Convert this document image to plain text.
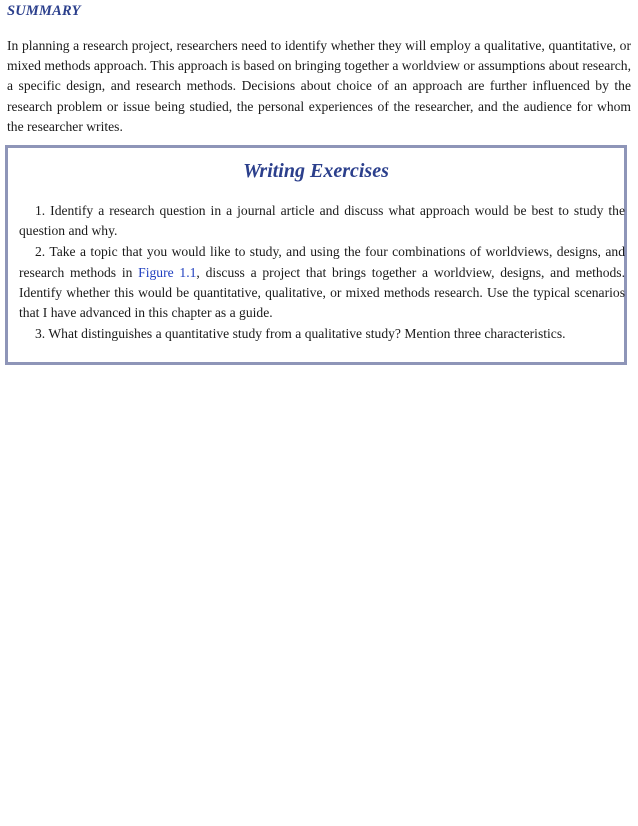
SUMMARY

In planning a research project, researchers need to identify whether they will employ a qualitative, quantitative, or mixed methods approach. This approach is based on bringing together a worldview or assumptions about research, a specific design, and research methods. Decisions about choice of an approach are further influenced by the research problem or issue being studied, the personal experiences of the researcher, and the audience for whom the researcher writes.

Writing Exercises
1. Identify a research question in a journal article and discuss what approach would be best to study the question and why.
2. Take a topic that you would like to study, and using the four combinations of worldviews, designs, and research methods in Figure 1.1, discuss a project that brings together a worldview, designs, and methods. Identify whether this would be quantitative, qualitative, or mixed methods research. Use the typical scenarios that I have advanced in this chapter as a guide.
3. What distinguishes a quantitative study from a qualitative study? Mention three characteristics.
